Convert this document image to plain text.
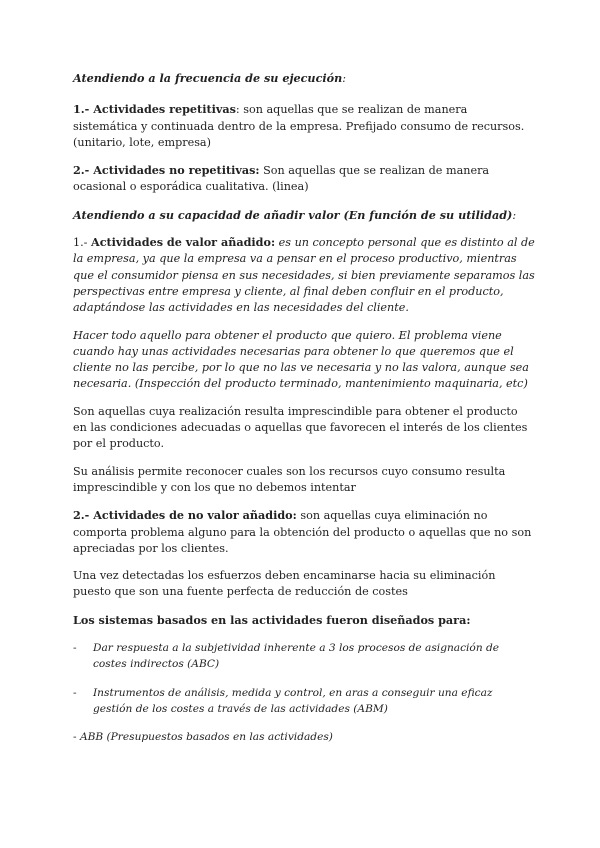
Atendiendo a la frecuencia de su ejecución:

1.- Actividades repetitivas: son aquellas que se realizan de manera sistemática y continuada dentro de la empresa. Prefijado consumo de recursos. (unitario, lote, empresa)

2.- Actividades no repetitivas: Son aquellas que se realizan de manera ocasional o esporádica cualitativa. (linea)

Atendiendo a su capacidad de añadir valor (En función de su utilidad):

1.- Actividades de valor añadido: es un concepto personal que es distinto al de la empresa, ya que la empresa va a pensar en el proceso productivo, mientras que el consumidor piensa en sus necesidades, si bien previamente separamos las perspectivas entre empresa y cliente, al final deben confluir en el producto, adaptándose las actividades en las necesidades del cliente.

Hacer todo aquello para obtener el producto que quiero. El problema viene cuando hay unas actividades necesarias para obtener lo que queremos que el cliente no las percibe, por lo que no las ve necesaria y no las valora, aunque sea necesaria. (Inspección del producto terminado, mantenimiento maquinaria, etc)

Son aquellas cuya realización resulta imprescindible para obtener el producto en las condiciones adecuadas o aquellas que favorecen el interés de los clientes por el producto.

Su análisis permite reconocer cuales son los recursos cuyo consumo resulta imprescindible y con los que no debemos intentar

2.- Actividades de no valor añadido: son aquellas cuya eliminación no comporta problema alguno para la obtención del producto o aquellas que no son apreciadas por los clientes.

Una vez detectadas los esfuerzos deben encaminarse hacia su eliminación puesto que son una fuente perfecta de reducción de costes

Los sistemas basados en las actividades fueron diseñados para:

-	Dar respuesta a la subjetividad inherente a 3 los procesos de asignación de costes indirectos (ABC)
-	Instrumentos de análisis, medida y control, en aras a conseguir una eficaz gestión de los costes a través de las actividades (ABM)

- ABB (Presupuestos basados en las actividades)
